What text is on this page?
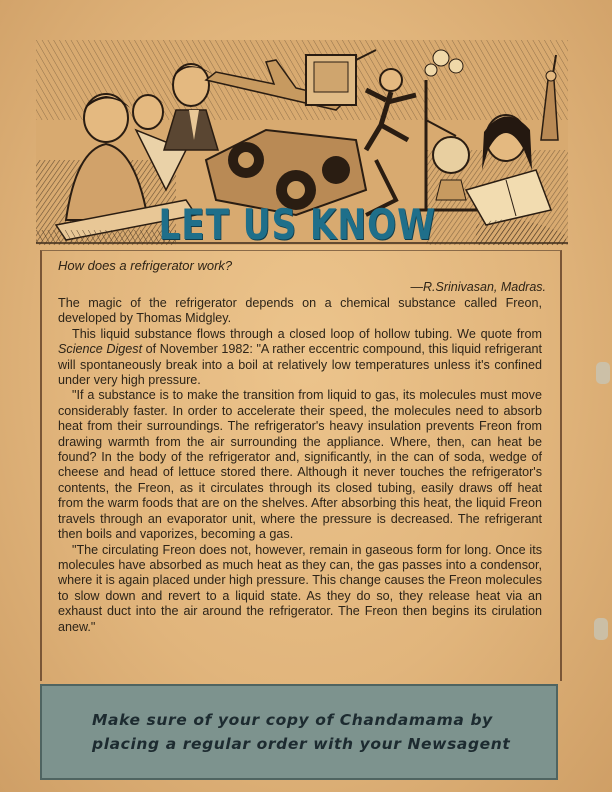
LET US KNOW
How does a refrigerator work?
—R.Srinivasan, Madras.

The magic of the refrigerator depends on a chemical substance called Freon, developed by Thomas Midgley.

This liquid substance flows through a closed loop of hollow tubing. We quote from Science Digest of November 1982: "A rather eccentric compound, this liquid refrigerant will spontaneously break into a boil at relatively low temperatures unless it's confined under very high pressure.

"If a substance is to make the transition from liquid to gas, its molecules must move considerably faster. In order to accelerate their speed, the molecules need to absorb heat from their surroundings. The refrigerator's heavy insulation prevents Freon from drawing warmth from the air surrounding the appliance. Where, then, can heat be found? In the body of the refrigerator and, significantly, in the can of soda, wedge of cheese and head of lettuce stored there. Although it never touches the refrigerator's contents, the Freon, as it circulates through its closed tubing, easily draws off heat from the warm foods that are on the shelves. After absorbing this heat, the liquid Freon travels through an evaporator unit, where the pressure is decreased. The refrigerant then boils and vaporizes, becoming a gas.

"The circulating Freon does not, however, remain in gaseous form for long. Once its molecules have absorbed as much heat as they can, the gas passes into a condensor, where it is again placed under high pressure. This change causes the Freon molecules to slow down and revert to a liquid state. As they do so, they release heat via an exhaust duct into the air around the refrigerator. The Freon then begins its cirulation anew."

Make sure of your copy of Chandamama by
placing a regular order with your Newsagent
